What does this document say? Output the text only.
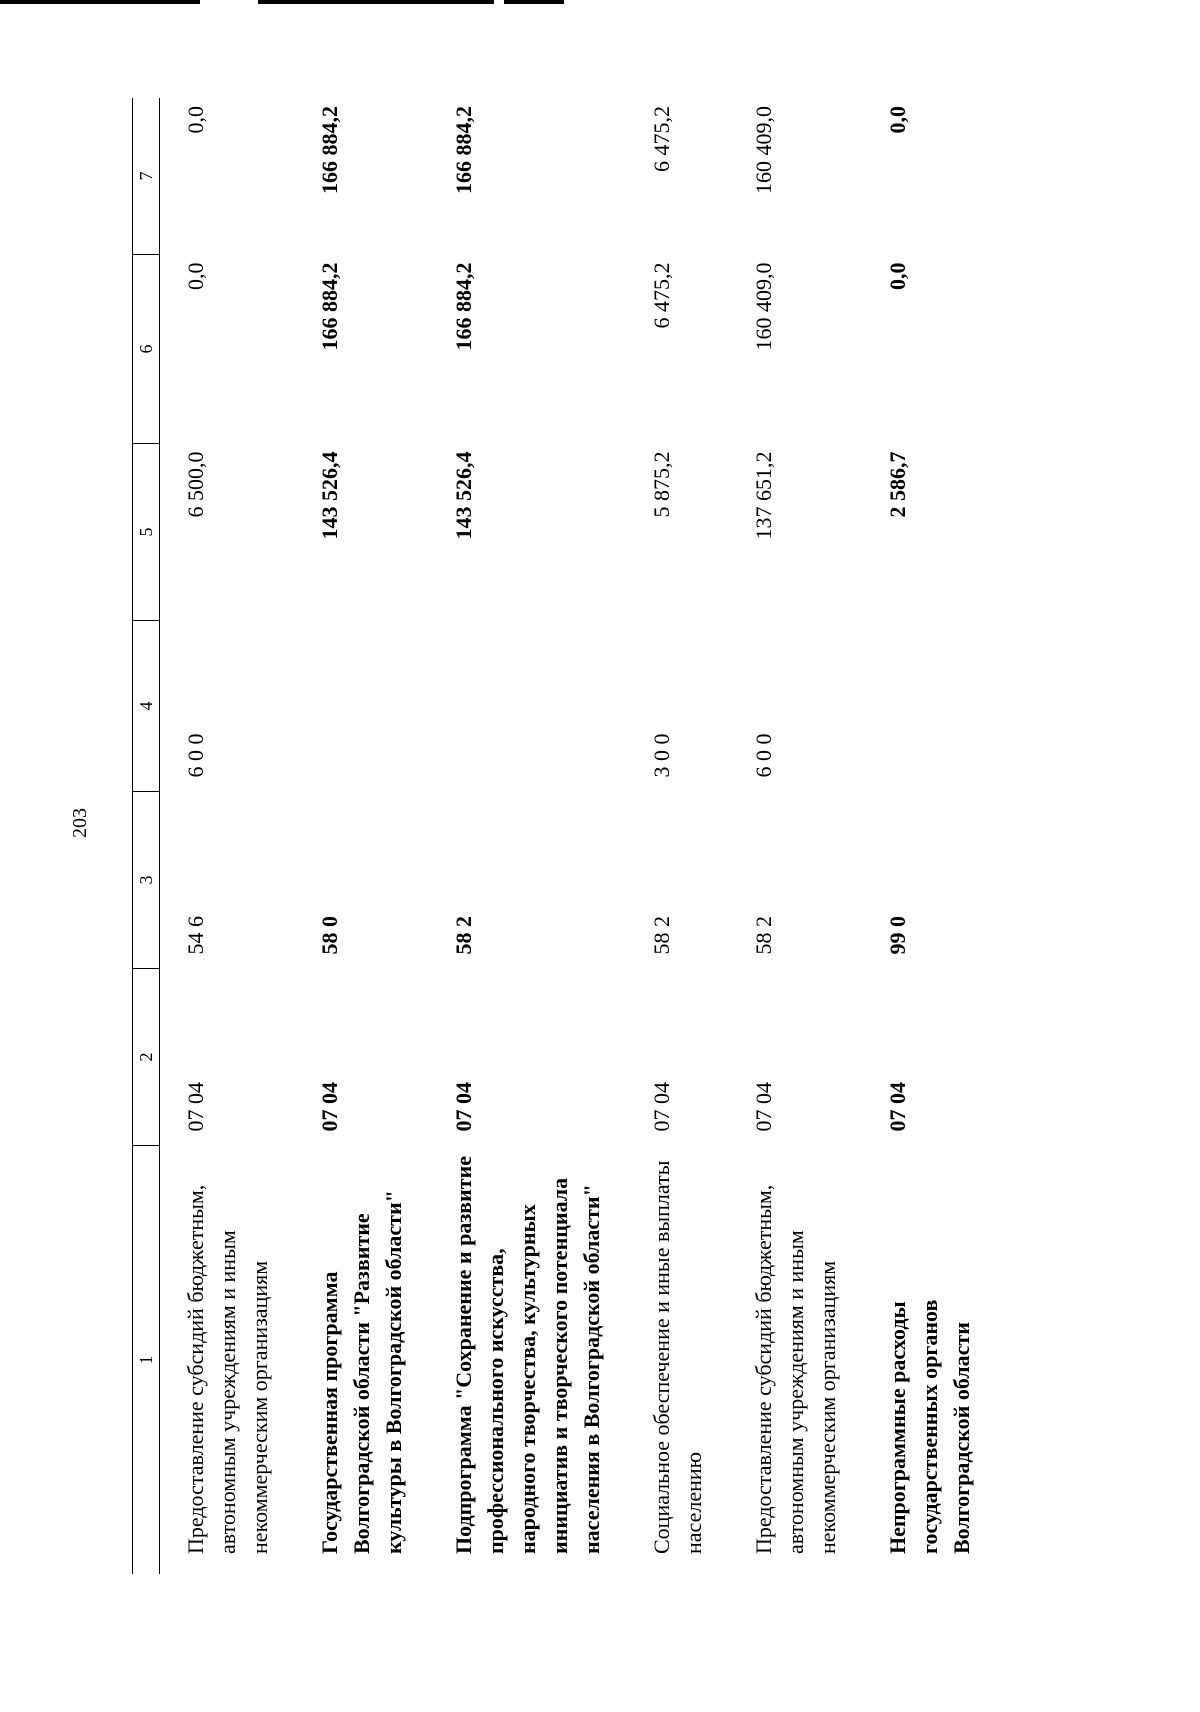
203
1	2	3	4	5	6	7
Предоставление субсидий бюджетным, автономным учреждениям и иным некоммерческим организациям	07 04	54 6	6 0 0	6 500,0	0,0	0,0
Государственная программа Волгоградской области "Развитие культуры в Волгоградской области"	07 04	58 0		143 526,4	166 884,2	166 884,2
Подпрограмма "Сохранение и развитие профессионального искусства, народного творчества, культурных инициатив и творческого потенциала населения в Волгоградской области"	07 04	58 2		143 526,4	166 884,2	166 884,2
Социальное обеспечение и иные выплаты населению	07 04	58 2	3 0 0	5 875,2	6 475,2	6 475,2
Предоставление субсидий бюджетным, автономным учреждениям и иным некоммерческим организациям	07 04	58 2	6 0 0	137 651,2	160 409,0	160 409,0
Непрограммные расходы государственных органов Волгоградской области	07 04	99 0		2 586,7	0,0	0,0
